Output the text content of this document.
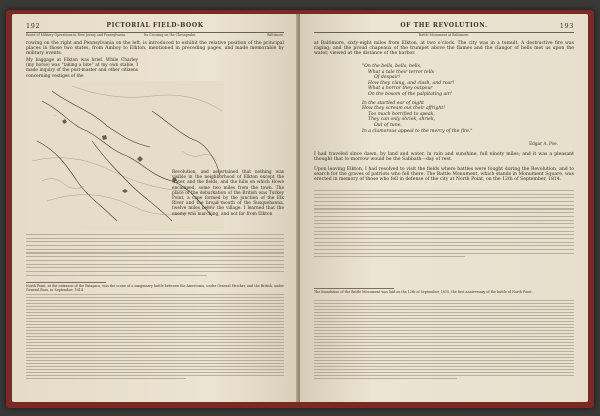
192	PICTORIAL FIELD-BOOK
Route of Military Operations in New Jersey and Pennsylvania.	Its Crossing on the Chesapeake.	Baltimore.
rowing on the right and Pennsylvania on the left, is introduced to exhibit the relative position of the principal places in those two states, from Amboy to Elkton, mentioned in preceding pages, and made memorable by military events.
My baggage at Elkton was brief. While Charley (my horse) was "taking a bite" at my own stable, I made inquiry of the post-master and other citizens concerning vestiges of the
·
·
·
·
Revolution, and ascertained that nothing was visible in the neighborhood of Elkton except the water, and the fields, and the hills on which Howe encamped, some two miles from the town. The place of the debarkation of the British was Turkey Point, a cape formed by the junction of the Elk River and the broad mouth of the Susquehanna, twelve miles below the village. I learned that the enemy was marching, and not far from Elkton
North Point, at the entrance of the Patapsco, was the scene of a sanguinary battle between the Americans, under General Stricker, and the British, under General Ross, in September, 1814.
OF THE REVOLUTION.	193
Battle Monument at Baltimore.
at Baltimore, sixty-eight miles from Elkton, at two o'clock. The city was in a tumult. A destructive fire was raging; and the proud chapeaux of the trumpet above the flames and the clangor of bells met us upon the water, viewed at the distance of the harbor.
"On the bells, bells, bells,
What a tale their terror tells
Of despair!
How they clang, and clash, and roar!
What a horror they outpour
On the bosom of the palpitating air!
In the startled ear of night
How they scream out their affright!
Too much horrified to speak,
They can only shriek, shriek,
Out of tune,
In a clamorous appeal to the mercy of the fire."
Edgar A. Poe.
I had traveled since dawn, by land and water, in rain and sunshine, full ninety miles; and it was a pleasant thought that to-morrow would be the Sabbath—day of rest.
Upon leaving Elkton, I had resolved to visit the fields where battles were fought during the Revolution, and to search for the graves of patriots who fell there. The Battle Monument, which stands in Monument Square, was erected in memory of those who fell in defense of the city at North Point, on the 12th of September, 1814.
The foundation of the Battle Monument was laid on the 12th of September, 1815, the first anniversary of the battle of North Point.
